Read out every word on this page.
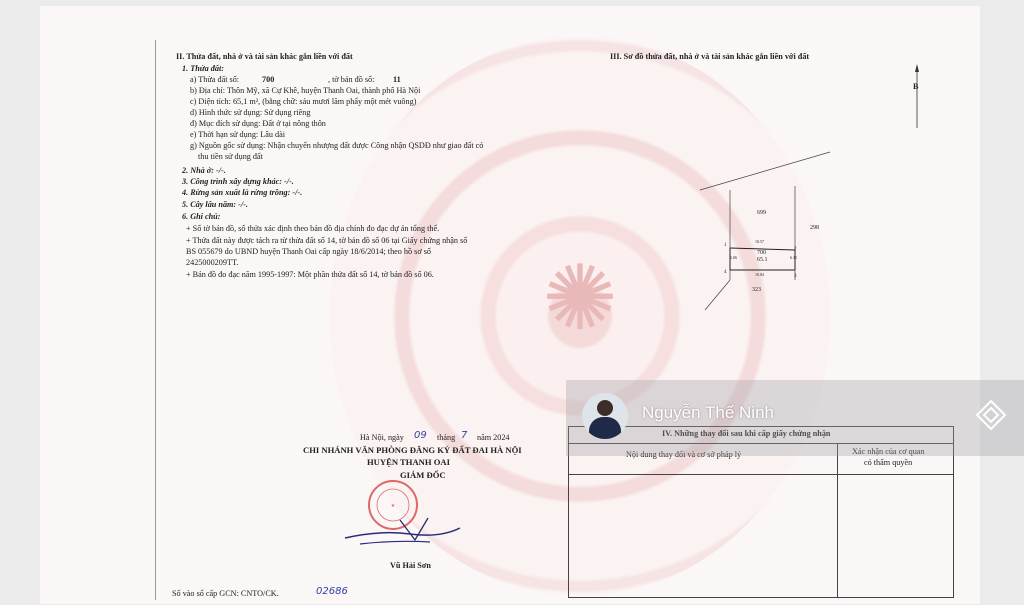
✺
II. Thửa đất, nhà ở và tài sản khác gắn liền với đất
1. Thửa đất:
a) Thửa đất số:	700	, tờ bản đồ số: 11
b) Địa chỉ: Thôn Mỹ, xã Cự Khê, huyện Thanh Oai, thành phố Hà Nội
c) Diện tích: 65,1 m², (bằng chữ: sáu mươi lăm phẩy một mét vuông)
d) Hình thức sử dụng: Sử dụng riêng
đ) Mục đích sử dụng: Đất ở tại nông thôn
e) Thời hạn sử dụng: Lâu dài
g) Nguồn gốc sử dụng: Nhận chuyển nhượng đất được Công nhận QSDĐ như giao đất có
thu tiền sử dụng đất
2. Nhà ở: -/-.
3. Công trình xây dựng khác: -/-.
4. Rừng sản xuất là rừng trồng: -/-.
5. Cây lâu năm: -/-.
6. Ghi chú:
+ Số tờ bản đồ, số thửa xác định theo bản đồ địa chính đo đạc dự án tổng thể.
+ Thửa đất này được tách ra từ thửa đất số 14, tờ bản đồ số 06 tại Giấy chứng nhận số
BS 055679 do UBND huyện Thanh Oai cấp ngày 18/6/2014; theo hồ sơ số
2425000209TT.
+ Bản đồ đo đạc năm 1995-1997: Một phần thửa đất số 14, tờ bản đồ số 06.
Hà Nội, ngày 09 tháng 7 năm 2024
CHI NHÁNH VĂN PHÒNG ĐĂNG KÝ ĐẤT ĐAI HÀ NỘI
HUYỆN THANH OAI
GIÁM ĐỐC
★
Vũ Hải Sơn
Số vào sổ cấp GCN: CNTO/CK.	02686
III. Sơ đồ thửa đất, nhà ở và tài sản khác gắn liền với đất
B
699
298
700
65.1
323
10.57
10.84
6.06	6.15
1
2
3
4
IV. Những thay đổi sau khi cấp giấy chứng nhận
Nội dung thay đổi và cơ sở pháp lý	Xác nhận của cơ quan
có thẩm quyền
Nguyễn Thế Ninh
